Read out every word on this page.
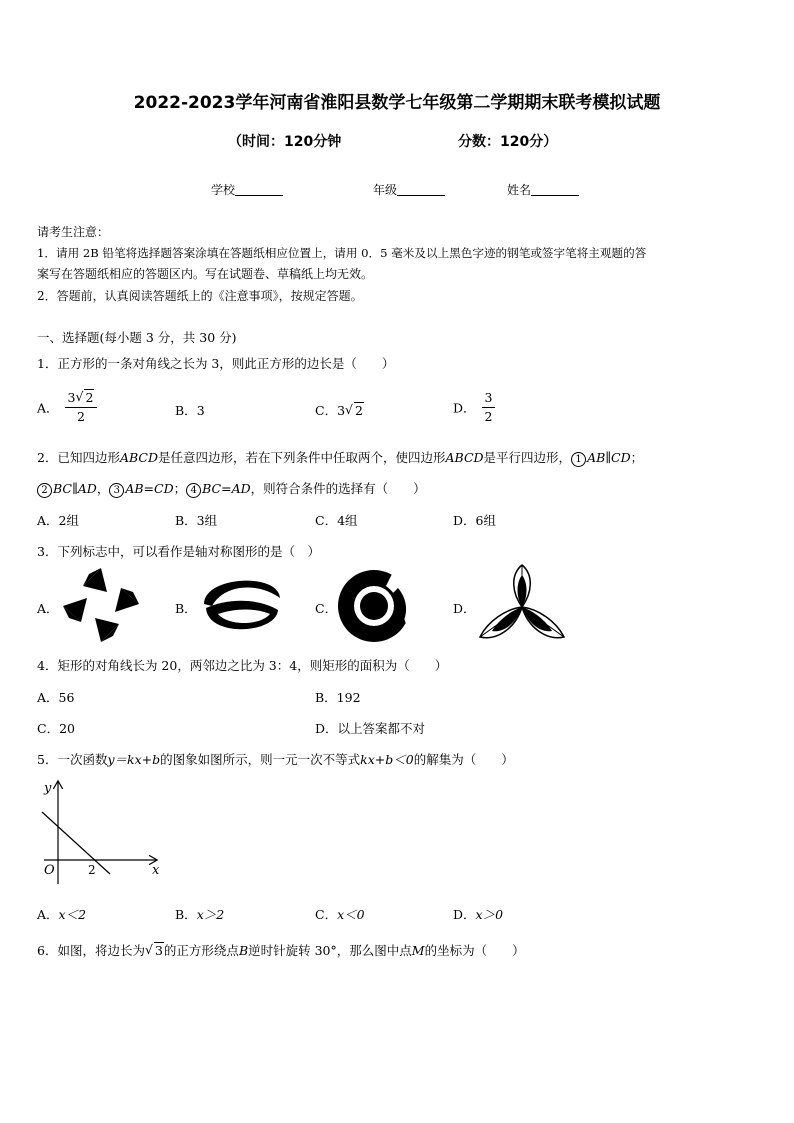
2022-2023学年河南省淮阳县数学七年级第二学期期末联考模拟试题
（时间：120分钟	分数：120分）
学校	年级	姓名
请考生注意：
1．请用 2B 铅笔将选择题答案涂填在答题纸相应位置上，请用 0．5 毫米及以上黑色字迹的钢笔或签字笔将主观题的答
案写在答题纸相应的答题区内。写在试题卷、草稿纸上均无效。
2．答题前，认真阅读答题纸上的《注意事项》，按规定答题。
一、选择题(每小题 3 分，共 30 分)
1．正方形的一条对角线之长为 3，则此正方形的边长是（　　）
A． $\frac{3 √ 2}{2}$	B．3	C．3 √ 2	D． $\frac{3}{2}$
2．已知四边形ABCD是任意四边形，若在下列条件中任取两个，使四边形ABCD是平行四边形， 1 AB∥CD；
2 BC∥AD， 3 AB=CD； 4 BC=AD，则符合条件的选择有（　　）
A．2组	B．3组	C．4组	D．6组
3．下列标志中，可以看作是轴对称图形的是（　）
A．	B．	C．	D．
4．矩形的对角线长为 20，两邻边之比为 3：4，则矩形的面积为（　　）
A．56	B．192
C．20	D．以上答案都不对
5．一次函数y＝kx+b的图象如图所示，则一元一次不等式kx+b＜0的解集为（　　）
y
x
O	2
A．x＜2	B．x＞2	C．x＜0	D．x＞0
6．如图，将边长为 √ 3的正方形绕点B逆时针旋转 30°，那么图中点M的坐标为（　　）
